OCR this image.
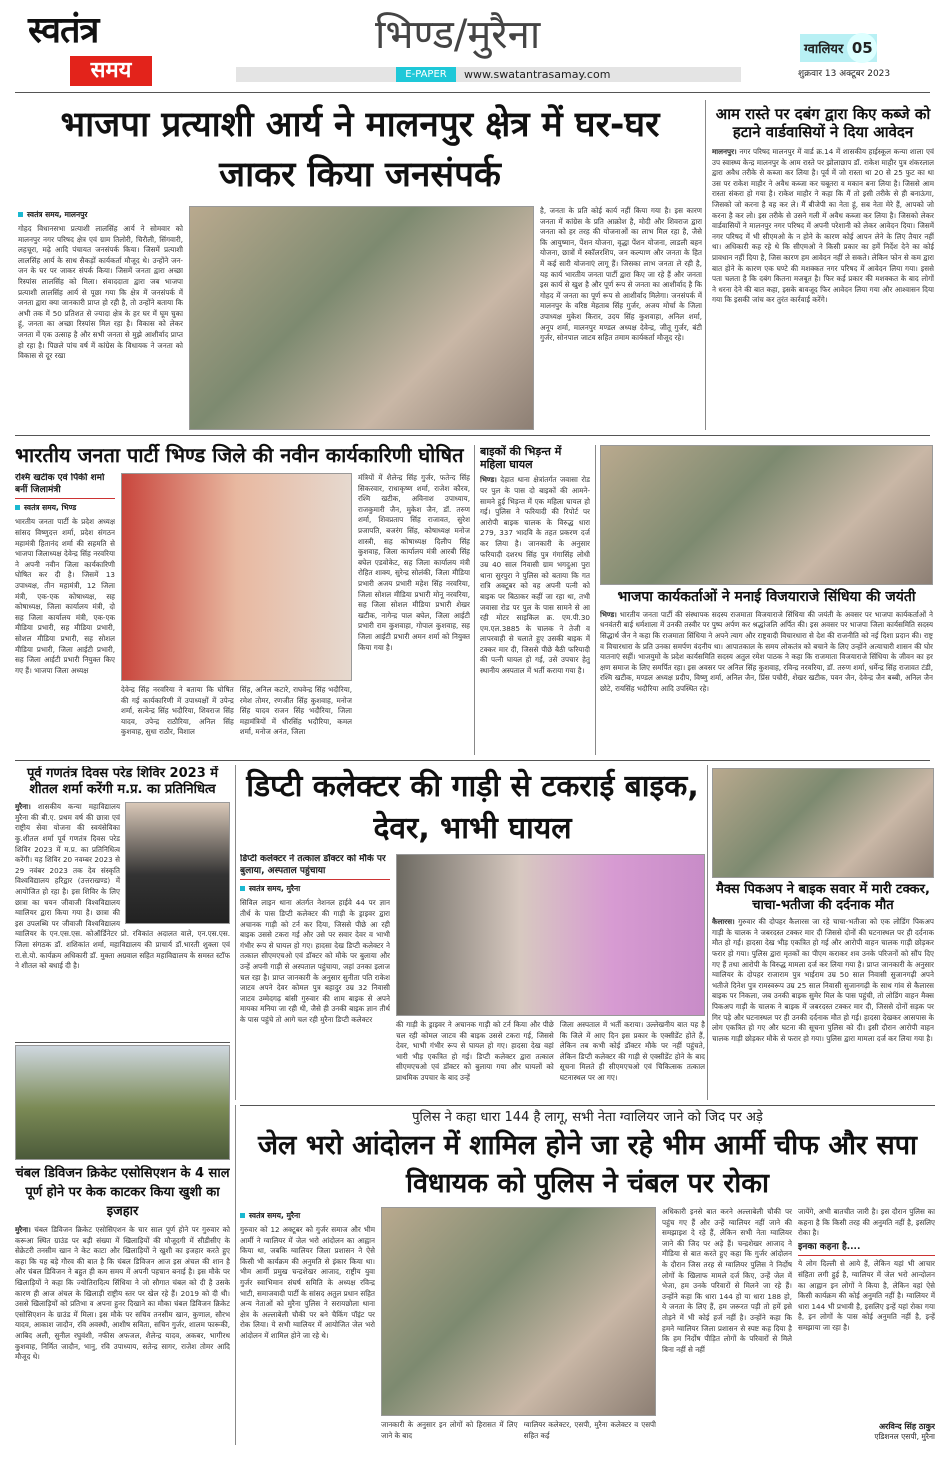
स्वतंत्र
समय
भिण्ड/मुरैना
E-PAPER	www.swatantrasamay.com
ग्वालियर 05
शुक्रवार 13 अक्टूबर 2023
भाजपा प्रत्याशी आर्य ने मालनपुर क्षेत्र में घर-घर जाकर किया जनसंपर्क
स्वतंत्र समय, मालनपुर
गोहद विधानसभा प्रत्याशी लालसिंह आर्य ने सोमवार को मालनपुर नगर परिषद क्षेत्र एवं ग्राम तिलोरी, चिरौली, सिंगवारी, लहचूरा, मढ़े आदि पंचायत जनसंपर्क किया। जिसमें प्रत्याशी लालसिंह आर्य के साथ सैकड़ों कार्यकर्ता मौजूद थे। उन्होंने जन-जन के घर पर जाकर संपर्क किया। जिसमें जनता द्वारा अच्छा रिस्पांस लालसिंह को मिला। संवाददाता द्वारा जब भाजपा प्रत्याशी लालसिंह आर्य से पूछा गया कि क्षेत्र में जनसंपर्क में जनता द्वारा क्या जानकारी प्राप्त हो रही है, तो उन्होंने बताया कि अभी तक में 50 प्रतिशत से ज्यादा क्षेत्र के हर घर में घूम चुका हूं, जनता का अच्छा रिस्पांस मिल रहा है। विकास को लेकर जनता में एक उत्साह है और सभी जनता से मुझे आशीर्वाद प्राप्त हो रहा है। पिछले पांच वर्ष में कांग्रेस के विधायक ने जनता को विकास से दूर रखा
है, जनता के प्रति कोई कार्य नहीं किया गया है। इस कारण जनता में कांग्रेस के प्रति आक्रोश है, मोदी और शिवराज द्वारा जनता को हर तरह की योजनाओं का लाभ मिल रहा है, जैसे कि आयुष्मान, पेंशन योजना, वृद्धा पेंशन योजना, लाडली बहन योजना, छात्रों में स्कॉलरशिप, जन कल्याण और जनता के हित में कई सारी योजनाएं लागू हैं। जिसका लाभ जनता ले रही है, यह कार्य भारतीय जनता पार्टी द्वारा किए जा रहे हैं और जनता इस कार्य से खुश है और पूर्ण रूप से जनता का आशीर्वाद है कि गोहद में जनता का पूर्ण रूप से आशीर्वाद मिलेगा। जनसंपर्क में मालनपुर के वरिष्ठ मेहताब सिंह गुर्जर, अजय मोर्चा के जिला उपाध्यक्ष मुकेश किरार, उदय सिंह कुशवाहा, अनिल शर्मा, अनूप शर्मा, मालनपुर मण्डल अध्यक्ष देवेन्द्र, जीतू गुर्जर, बंटी गुर्जर, सोनपाल जाटव सहित तमाम कार्यकर्ता मौजूद रहे।
आम रास्ते पर दबंग द्वारा किए कब्जे को हटाने वार्डवासियों ने दिया आवेदन
मालनपुर। नगर परिषद मालनपुर में वार्ड क्र.14 में शासकीय हाईस्कूल कन्या शाला एवं उप स्वास्थ्य केन्द्र मालनपुर के आम रास्ते पर झोलाछाप डॉ. राकेश माहौर पुत्र शंकरलाल द्वारा अवैध तरीके से कब्जा कर लिया है। पूर्व में जो रास्ता था 20 से 25 फुट का था उस पर राकेश माहौर ने अवैध कब्जा कर चबूतरा व मकान बना लिया है। जिससे आम रास्ता संकरा हो गया है। राकेश माहौर ने कहा कि मैं तो इसी तरीके से ही बनाऊंगा, जिसको जो करना है वह कर ले। मैं बीजेपी का नेता हूं, सब नेता मेरे हैं, आपको जो करना है कर लो। इस तरीके से उसने गली में अवैध कब्जा कर लिया है। जिसको लेकर वार्डवासियों ने मालनपुर नगर परिषद में अपनी परेशानी को लेकर आवेदन दिया। जिसमें नगर परिषद में भी सीएमओ के न होने के कारण कोई आपन लेने के लिए तैयार नहीं था। अधिकारी कह रहे थे कि सीएमओ ने किसी प्रकार का हमें निर्देश देने का कोई प्रावधान नहीं दिया है, जिस कारण हम आवेदन नहीं ले सकते। लेकिन फोन से कम द्वारा बात होने के कारण एक घण्टे की मशक्कत नगर परिषद में आवेदन लिया गया। इससे पता चलता है कि दबंग कितना मजबूत है। फिर कई प्रकार की मशक्कत के बाद लोगों ने धरना देने की बात कहा, इसके बावजूद फिर आवेदन लिया गया और आश्वासन दिया गया कि इसकी जांच कर तुरंत कार्रवाई करेंगे।
भारतीय जनता पार्टी भिण्ड जिले की नवीन कार्यकारिणी घोषित
रश्मि खटीक एवं पिंकी शर्मा बनीं जिलामंत्री
स्वतंत्र समय, भिण्ड
भारतीय जनता पार्टी के प्रदेश अध्यक्ष सांसद विष्णुदत्त शर्मा, प्रदेश संगठन महामंत्री हितानंद शर्मा की सहमति से भाजपा जिलाध्यक्ष देवेन्द्र सिंह नरवरिया ने अपनी नवीन जिला कार्यकारिणी घोषित कर दी है। जिसमें 13 उपाध्यक्ष, तीन महामंत्री, 12 जिला मंत्री, एक-एक कोषाध्यक्ष, सह कोषाध्यक्ष, जिला कार्यालय मंत्री, दो सह जिला कार्यालय मंत्री, एक-एक मीडिया प्रभारी, सह मीडिया प्रभारी, सोशल मीडिया प्रभारी, सह सोशल मीडिया प्रभारी, जिला आईटी प्रभारी, सह जिला आईटी प्रभारी नियुक्त किए गए हैं। भाजपा जिला अध्यक्ष
देवेन्द्र सिंह नरवरिया ने बताया कि घोषित की गई कार्यकारिणी में उपाध्यक्षों में उपेन्द्र शर्मा, सत्येन्द्र सिंह भदौरिया, शिवराज सिंह यादव, उपेन्द्र राठौरिया, अनिल सिंह कुशवाह, सुधा राठौर, विशाल
सिंह, अनिल कटारे, राघवेन्द्र सिंह भदौरिया, रमेश तोमर, रणजीत सिंह कुशवाह, मनोज सिंह यादव राजन सिंह भदौरिया, जिला महामंत्रियों में धीरसिंह भदौरिया, कमल शर्मा, मनोज अनंत, जिला
मंत्रियों में शैलेन्द्र सिंह गुर्जर, फतेन्द सिंह सिकरवार, राधाकृष्ण शर्मा, राजेश कौरव, रश्मि खटीक, अविनाश उपाध्याय, राजकुमारी जैन, मुकेश जैन, डॉ. तरुण शर्मा, शिवप्रताप सिंह राजावत, सुरेश प्रजापति, बजरंग सिंह, कोषाध्यक्ष मनोज शास्त्री, सह कोषाध्यक्ष दिलीप सिंह कुशवाह, जिला कार्यालय मंत्री आरबी सिंह बघेल एडवोकेट, सह जिला कार्यालय मंत्री रोहित शाक्य, सुरेन्द्र सोलंकी, जिला मीडिया प्रभारी अजय प्रभारी महेश सिंह नरवरिया, जिला सोशल मीडिया प्रभारी मोनू नरवरिया, सह जिला सोशल मीडिया प्रभारी शेखर खटीक, नागेन्द्र पाल बघेल, जिला आईटी प्रभारी राम कुशवाहा, गोपाल कुशवाह, सह जिला आईटी प्रभारी अमन शर्मा को नियुक्त किया गया है।
बाइकों की भिड़न्त में महिला घायल
भिण्ड। देहात थाना क्षेत्रांतर्गत जवासा रोड पर पुल के पास दो बाइकों की आमने-सामने हुई भिड़न्त में एक महिला घायल हो गई। पुलिस ने फरियादी की रिपोर्ट पर आरोपी बाइक चालक के विरुद्ध धारा 279, 337 भादवि के तहत प्रकरण दर्ज कर लिया है। जानकारी के अनुसार फरियादी दशरथ सिंह पुत्र गंगासिंह लोधी उम्र 40 साल निवासी ग्राम भगदुआ पुरा थाना सुरपुरा ने पुलिस को बताया कि गत रात्रि अक्टूबर को वह अपनी पत्नी को बाइक पर बिठाकर कहीं जा रहा था, तभी जवासा रोड पर पुल के पास सामने से आ रही मोटर साइकिल क्र. एम.पी.30 एम.एल.3885 के चालक ने तेजी व लापरवाही से चलाते हुए उसकी बाइक में टक्कर मार दी, जिससे पीछे बैठी फरियादी की पत्नी घायल हो गई, उसे उपचार हेतु स्थानीय अस्पताल में भर्ती कराया गया है।
भाजपा कार्यकर्ताओं ने मनाई विजयाराजे सिंधिया की जयंती
भिण्ड। भारतीय जनता पार्टी की संस्थापक सदस्य राजमाता विजयाराजे सिंधिया की जयंती के अवसर पर भाजपा कार्यकर्ताओं ने धनवंतरी बाई धर्मशाला में उनकी तस्वीर पर पुष्प अर्पण कर श्रद्धांजलि अर्पित की। इस अवसर पर भाजपा जिला कार्यसमिति सदस्य सिद्धार्थ जैन ने कहा कि राजमाता सिंधिया ने अपने त्याग और राष्ट्रवादी विचारधारा से देश की राजनीति को नई दिशा प्रदान की। राष्ट्र व विचारधारा के प्रति उनका समर्पण वंदनीय था। आपातकाल के समय लोकतंत्र को बचाने के लिए उन्होंने अत्याचारी शासन की घोर यातनाएं सहीं। भाजयुमो के प्रदेश कार्यसमिति सदस्य अतुल रमेश पाठक ने कहा कि राजमाता विजयाराजे सिंधिया के जीवन का हर क्षण समाज के लिए समर्पित रहा। इस अवसर पर अनिल सिंह कुशवाह, रविन्द्र नरवरिया, डॉ. तरुण शर्मा, धर्मेन्द्र सिंह राजावत टंडी, रश्मि खटीक, मण्डल अध्यक्ष प्रदीप, विष्णु शर्मा, अनिल जैन, प्रिंस पचौरी, शेखर खटीक, पवन जैन, देवेन्द्र जैन बब्बी, अनिल जैन छोटे, रायसिंह भदौरिया आदि उपस्थित रहे।
पूर्व गणतंत्र दिवस परेड शिविर 2023 में शीतल शर्मा करेंगी म.प्र. का प्रतिनिधित्व
मुरैना। शासकीय कन्या महाविद्यालय मुरैना की बी.ए. प्रथम वर्ष की छात्रा एवं राष्ट्रीय सेवा योजना की स्वयंसेविका कु.शीतल शर्मा पूर्व गणतंत्र दिवस परेड शिविर 2023 में म.प्र. का प्रतिनिधित्व करेंगी। यह शिविर 20 नवम्बर 2023 से 29 नवंबर 2023 तक देव संस्कृति विश्वविद्यालय हरिद्वार (उत्तराखण्ड) में आयोजित हो रहा है। इस शिविर के लिए छात्रा का चयन जीवाजी विश्वविद्यालय ग्वालियर द्वारा किया गया है। छात्रा की इस उपलब्धि पर जीवाजी विश्वविद्यालय ग्वालियर के एन.एस.एस. कोऑर्डिनेटर प्रो. रविकांत अदालत वाले, एन.एस.एस. जिला संगठक डॉ. शशिकांत शर्मा, महाविद्यालय की प्राचार्य डॉ.भारती शुक्ला एवं रा.से.यो. कार्यक्रम अधिकारी डॉ. मुक्ता अग्रवाल सहित महाविद्यालय के समस्त स्टॉफ ने शीतल को बधाई दी है।
डिप्टी कलेक्टर की गाड़ी से टकराई बाइक, देवर, भाभी घायल
डिप्टी कलेक्टर ने तत्काल डॉक्टर को मौके पर बुलाया, अस्पताल पहुंचाया
स्वतंत्र समय, मुरैना
सिविल लाइन थाना अंतर्गत नेशनल हाईवे 44 पर ज्ञान तीर्थ के पास डिप्टी कलेक्टर की गाड़ी के ड्राइवर द्वारा अचानक गाड़ी को टर्न कर दिया, जिससे पीछे आ रही बाइक उससे टकरा गई और उसे पर सवार देवर व भाभी गंभीर रूप से घायल हो गए। हादसा देख डिप्टी कलेक्टर ने तत्काल सीएमएचओ एवं डॉक्टर को मौके पर बुलाया और उन्हें अपनी गाड़ी से अस्पताल पहुंचाया, जहां उनका इलाज चल रहा है। प्राप्त जानकारी के अनुसार सुनीता पति राकेश जाटव अपने देवर कोमल पुत्र बहादुर उम्र 32 निवासी जाटव उम्मेदगढ़ बांसी गुरुवार की शाम बाइक से अपने मायका मनिया जा रही थी, जैसे ही उनकी बाइक ज्ञान तीर्थ के पास पहुंचे तो आगे चल रही मुरैना डिप्टी कलेक्टर
की गाड़ी के ड्राइवर ने अचानक गाड़ी को टर्न किया और पीछे चल रही कोमल जाटव की बाइक उससे टकरा गई, जिससे देवर, भाभी गंभीर रूप से घायल हो गए। हादसा देख वहां भारी भीड़ एकत्रित हो गई। डिप्टी कलेक्टर द्वारा तत्काल सीएमएचओ एवं डॉक्टर को बुलाया गया और घायलों को प्राथमिक उपचार के बाद उन्हें
जिला अस्पताल में भर्ती कराया। उल्लेखनीय बात यह है कि जिले में आए दिन इस प्रकार के एक्सीडेंट होते हैं, लेकिन तब कभी कोई डॉक्टर मौके पर नहीं पहुंचते, लेकिन डिप्टी कलेक्टर की गाड़ी से एक्सीडेंट होने के बाद सूचना मिलते ही सीएमएचओ एवं चिकित्सक तत्काल घटनास्थल पर आ गए।
मैक्स पिकअप ने बाइक सवार में मारी टक्कर, चाचा-भतीजा की दर्दनाक मौत
कैलारस। गुरुवार की दोपहर कैलारस जा रहे चाचा-भतीजा को एक लोडिंग पिकअप गाड़ी के चालक ने जबरदस्त टक्कर मार दी जिससे दोनों की घटनास्थल पर ही दर्दनाक मौत हो गई। हादसा देख भीड़ एकत्रित हो गई और आरोपी वाहन चालक गाड़ी छोड़कर फरार हो गया। पुलिस द्वारा मृतकों का पीएम कराकर शव उनके परिजनों को सौंप दिए गए हैं तथा आरोपी के विरुद्ध मामला दर्ज कर लिया गया है। प्राप्त जानकारी के अनुसार ग्वालियर के दोपहर राजाराम पुत्र भाईराम उम्र 50 साल निवासी सुजानगढ़ी अपने भतीजे दिनेश पुत्र रामस्वरूप उम्र 25 साल निवासी सुजानगढ़ी के साथ गांव से कैलारस बाइक पर निकला, जब उनकी बाइक सुमेर मिल के पास पहुंची, तो लोडिंग वाहन मैक्स पिकअप गाड़ी के चालक ने बाइक में जबरदस्त टक्कर मार दी, जिससे दोनों सड़क पर गिर पड़े और घटनास्थल पर ही उनकी दर्दनाक मौत हो गई। हादसा देखकर आसपास के लोग एकत्रित हो गए और घटना की सूचना पुलिस को दी। इसी दौरान आरोपी वाहन चालक गाड़ी छोड़कर मौके से फरार हो गया। पुलिस द्वारा मामला दर्ज कर लिया गया है।
चंबल डिविजन क्रिकेट एसोसिएशन के 4 साल पूर्ण होने पर केक काटकर किया खुशी का इजहार
मुरैना। चंबल डिविजन क्रिकेट एसोसिएशन के चार साल पूर्ण होने पर गुरुवार को करूआ स्थित ग्राउंड पर बड़ी संख्या में खिलाड़ियों की मौजूदगी में सीडीसीए के सेक्रेटरी तनसीम खान ने केट काटा और खिलाड़ियों ने खुशी का इजहार करते हुए कहा कि यह बड़े गौरव की बात है कि चंबल डिविजन आज इस अंचल की शान है और चंबल डिविजन ने बहुत ही कम समय में अपनी पहचान बनाई है। इस मौके पर खिलाड़ियों ने कहा कि ज्योतिरादित्य सिंधिया ने जो सौगात चंबल को दी है उसके कारण ही आज अंचल के खिलाड़ी राष्ट्रीय स्तर पर खेल रहे हैं। 2019 को दी थी। उससे खिलाड़ियों को प्रतिभा व अपना हुनर दिखाने का मौका चंबल डिविजन क्रिकेट एसोसिएशन के ग्राउंड में मिला। इस मौके पर सचिव तनसीम खान, कुणाल, सौरभ यादव, आकाश जादौन, रवि अवस्थी, आशीष सविता, सचिन गुर्जर, शालम फारूकी, आबिद अली, सुनील रघुवंशी, नफीस अफजल, शैलेन्द्र यादव, अकबर, भागीरथ कुशवाह, निर्मित जादौन, भानु, रवि उपाध्याय, सतेन्द्र सागर, राजेश तोमर आदि मौजूद थे।
पुलिस ने कहा धारा 144 है लागू, सभी नेता ग्वालियर जाने को जिद पर अड़े
जेल भरो आंदोलन में शामिल होने जा रहे भीम आर्मी चीफ और सपा विधायक को पुलिस ने चंबल पर रोका
स्वतंत्र समय, मुरैना
गुरुवार को 12 अक्टूबर को गुर्जर समाज और भीम आर्मी ने ग्वालियर में जेल भरो आंदोलन का आह्वान किया था, जबकि ग्वालियर जिला प्रशासन ने ऐसे किसी भी कार्यक्रम की अनुमति से इंकार किया था। भीम आर्मी प्रमुख चन्द्रशेखर आजाद, राष्ट्रीय युवा गुर्जर स्वाभिमान संघर्ष समिति के अध्यक्ष रविन्द्र भाटी, समाजवादी पार्टी के सांसद अतुल प्रधान सहित अन्य नेताओं को मुरैना पुलिस ने सरायछोला थाना क्षेत्र के अल्लाबेली चौकी पर बने चैकिंग पॉइंट पर रोक लिया। ये सभी ग्वालियर में आयोजित जेल भरो आंदोलन में शामिल होने जा रहे थे।
जानकारी के अनुसार इन लोगों को हिरासत में लिए जाने के बाद
ग्वालियर कलेक्टर, एसपी, मुरैना कलेक्टर व एसपी सहित कई
अधिकारी इनसे बात करने अल्लाबेली चौकी पर पहुंच गए हैं और उन्हें ग्वालियर नहीं जाने की समझाइश दे रहे हैं, लेकिन सभी नेता ग्वालियर जाने की जिद पर अड़े हैं। चन्द्रशेखर आजाद ने मीडिया से बात करते हुए कहा कि गुर्जर आंदोलन के दौरान जिस तरह से ग्वालियर पुलिस ने निर्दोष लोगों के खिलाफ मामले दर्ज किए, उन्हें जेल में भेजा, हम उनके परिवारों से मिलने जा रहे हैं। उन्होंने कहा कि धारा 144 हो या धारा 188 हो, ये जनता के लिए हैं, हम जरूरत पड़ी तो हमें इसे तोड़ने में भी कोई हर्ज नहीं है। उन्होंने कहा कि हमने ग्वालियर जिला प्रशासन से स्पष्ट कह दिया है कि हम निर्दोष पीड़ित लोगों के परिवारों से मिले बिना नहीं से नहीं
जायेंगे, अभी बातचीत जारी है। इस दौरान पुलिस का कहना है कि किसी तरह की अनुमति नहीं है, इसलिए रोका है।
इनका कहना है....
ये लोग दिल्ली से आये हैं, लेकिन यहां भी आचार संहिता लगी हुई है, ग्वालियर में जेल भरो आन्दोलन का आह्वान इन लोगों ने किया है, लेकिन वहां ऐसे किसी कार्यक्रम की कोई अनुमति नहीं है। ग्वालियर में धारा 144 भी प्रभावी है, इसलिए इन्हें यहां रोका गया है, इन लोगों के पास कोई अनुमति नहीं है, इन्हें समझाया जा रहा है।
अरविन्द सिंह ठाकुर
एडिशनल एसपी, मुरैना
